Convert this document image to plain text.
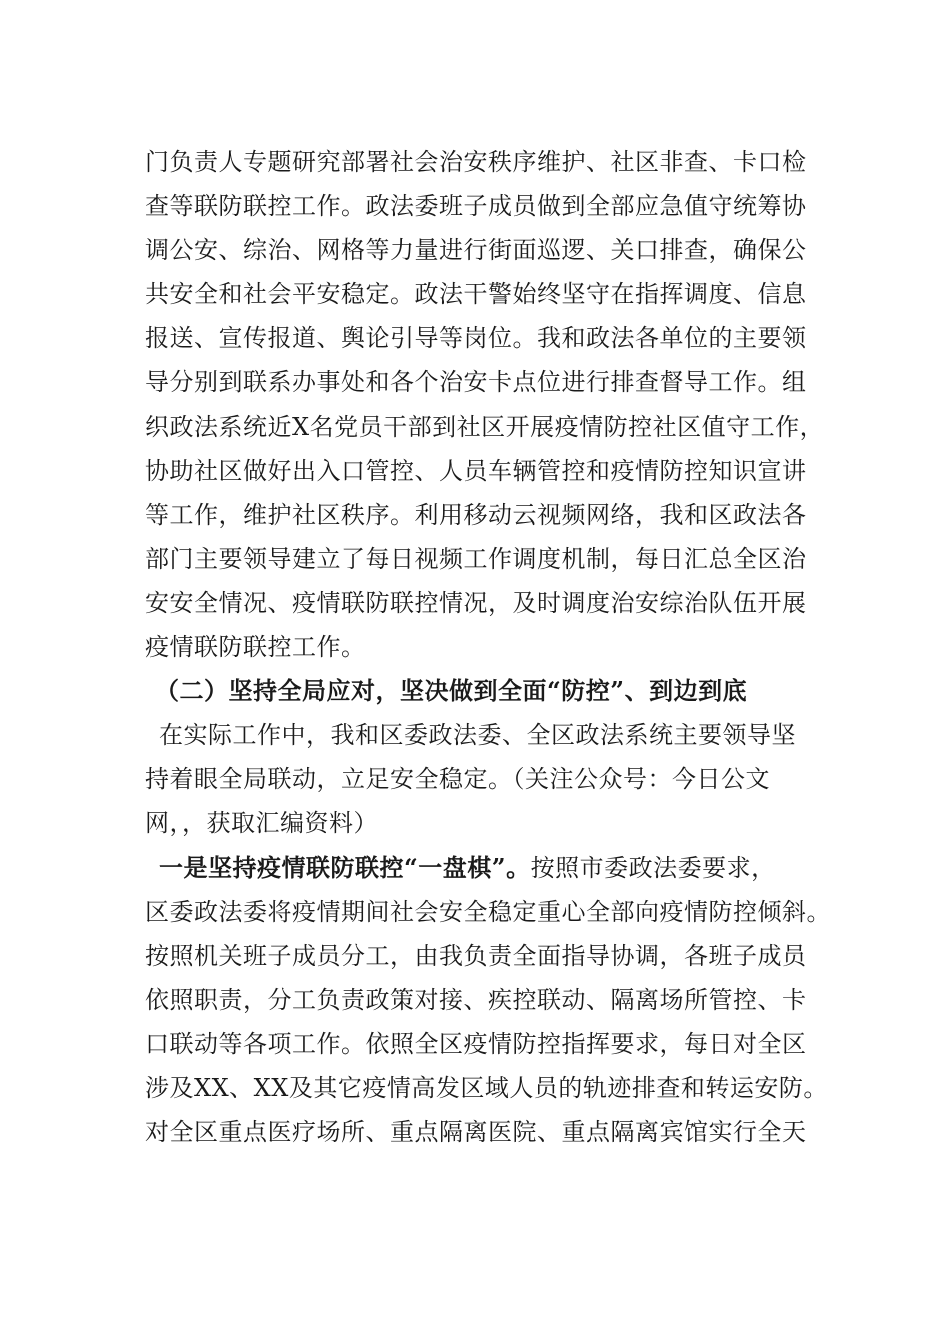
门负责人专题研究部署社会治安秩序维护、社区非查、卡口检
查等联防联控工作。政法委班子成员做到全部应急值守统筹协
调公安、综治、网格等力量进行街面巡逻、关口排查，确保公
共安全和社会平安稳定。政法干警始终坚守在指挥调度、信息
报送、宣传报道、舆论引导等岗位。我和政法各单位的主要领
导分别到联系办事处和各个治安卡点位进行排查督导工作。组
织政法系统近X名党员干部到社区开展疫情防控社区值守工作，
协助社区做好出入口管控、人员车辆管控和疫情防控知识宣讲
等工作，维护社区秩序。利用移动云视频网络，我和区政法各
部门主要领导建立了每日视频工作调度机制，每日汇总全区治
安安全情况、疫情联防联控情况，及时调度治安综治队伍开展
疫情联防联控工作。
（二）坚持全局应对，坚决做到全面“防控”、到边到底
在实际工作中，我和区委政法委、全区政法系统主要领导坚
持着眼全局联动，立足安全稳定。（关注公众号：今日公文
网，，获取汇编资料）
一是坚持疫情联防联控“一盘棋”。按照市委政法委要求，
区委政法委将疫情期间社会安全稳定重心全部向疫情防控倾斜。
按照机关班子成员分工，由我负责全面指导协调，各班子成员
依照职责，分工负责政策对接、疾控联动、隔离场所管控、卡
口联动等各项工作。依照全区疫情防控指挥要求，每日对全区
涉及XX、XX及其它疫情高发区域人员的轨迹排查和转运安防。
对全区重点医疗场所、重点隔离医院、重点隔离宾馆实行全天
